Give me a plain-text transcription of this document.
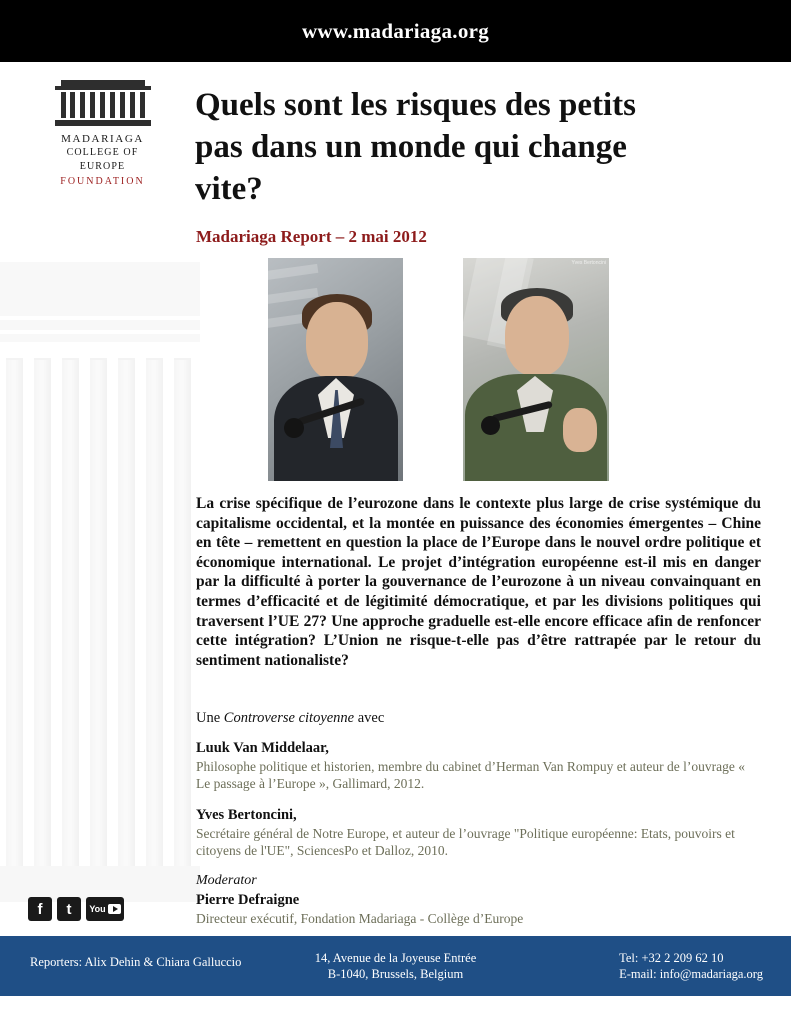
www.madariaga.org
MADARIAGA
COLLEGE OF EUROPE
FOUNDATION
Quels sont les risques des petits pas dans un monde qui change vite?
Madariaga Report – 2 mai 2012
Yves Bertoncini
La crise spécifique de l’eurozone dans le contexte plus large de crise systémique du capitalisme occidental, et la montée en puissance des économies émergentes – Chine en tête – remettent en question la place de l’Europe dans le nouvel ordre politique et économique international. Le projet d’intégration européenne est-il mis en danger par la difficulté à porter la gouvernance de l’eurozone à un niveau convainquant en termes d’efficacité et de légitimité démocratique, et par les divisions politiques qui traversent l’UE 27? Une approche graduelle est-elle encore efficace afin de renfoncer cette intégration? L’Union ne risque-t-elle pas d’être rattrapée par le retour du sentiment nationaliste?
Une Controverse citoyenne avec
Luuk Van Middelaar,
Philosophe politique et historien, membre du cabinet d’Herman Van Rompuy et auteur de l’ouvrage « Le passage à l’Europe », Gallimard, 2012.
Yves Bertoncini,
Secrétaire général de Notre Europe, et auteur de l’ouvrage "Politique européenne: Etats, pouvoirs et citoyens de l'UE", SciencesPo et Dalloz, 2010.
Moderator
Pierre Defraigne
Directeur exécutif, Fondation Madariaga - Collège d’Europe
f	t	You
Reporters: Alix Dehin & Chiara Galluccio	14, Avenue de la Joyeuse Entrée
B-1040, Brussels, Belgium
Tel: +32 2 209 62 10
E-mail: info@madariaga.org
